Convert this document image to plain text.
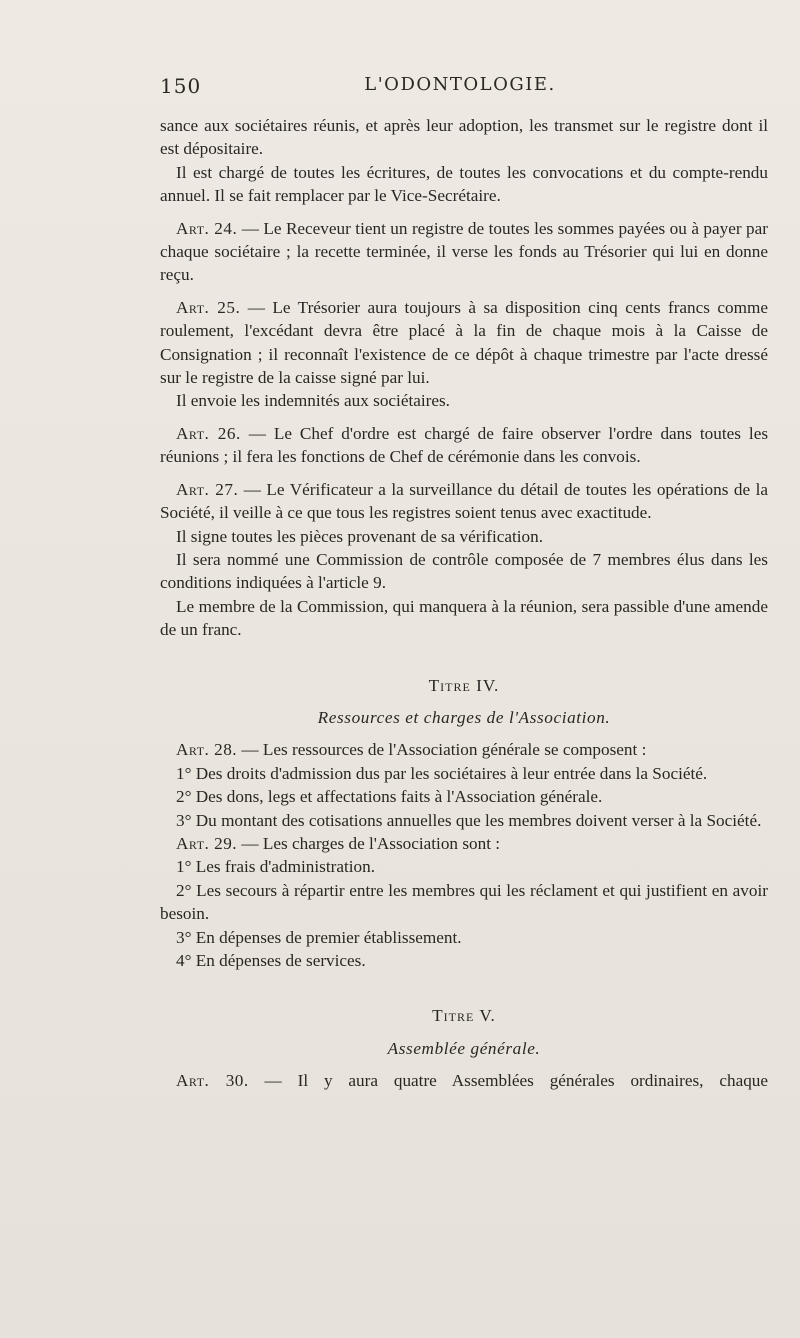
150	L'ODONTOLOGIE.

sance aux sociétaires réunis, et après leur adoption, les transmet sur le registre dont il est dépositaire.

Il est chargé de toutes les écritures, de toutes les convocations et du compte-rendu annuel. Il se fait remplacer par le Vice-Secrétaire.

Art. 24. — Le Receveur tient un registre de toutes les sommes payées ou à payer par chaque sociétaire ; la recette terminée, il verse les fonds au Trésorier qui lui en donne reçu.

Art. 25. — Le Trésorier aura toujours à sa disposition cinq cents francs comme roulement, l'excédant devra être placé à la fin de chaque mois à la Caisse de Consignation ; il reconnaît l'existence de ce dépôt à chaque trimestre par l'acte dressé sur le registre de la caisse signé par lui.

Il envoie les indemnités aux sociétaires.

Art. 26. — Le Chef d'ordre est chargé de faire observer l'ordre dans toutes les réunions ; il fera les fonctions de Chef de cérémonie dans les convois.

Art. 27. — Le Vérificateur a la surveillance du détail de toutes les opérations de la Société, il veille à ce que tous les registres soient tenus avec exactitude.

Il signe toutes les pièces provenant de sa vérification.

Il sera nommé une Commission de contrôle composée de 7 membres élus dans les conditions indiquées à l'article 9.

Le membre de la Commission, qui manquera à la réunion, sera passible d'une amende de un franc.

Titre IV.

Ressources et charges de l'Association.

Art. 28. — Les ressources de l'Association générale se composent :

1° Des droits d'admission dus par les sociétaires à leur entrée dans la Société.

2° Des dons, legs et affectations faits à l'Association générale.

3° Du montant des cotisations annuelles que les membres doivent verser à la Société.

Art. 29. — Les charges de l'Association sont :

1° Les frais d'administration.

2° Les secours à répartir entre les membres qui les réclament et qui justifient en avoir besoin.

3° En dépenses de premier établissement.

4° En dépenses de services.

Titre V.

Assemblée générale.

Art. 30. — Il y aura quatre Assemblées générales ordinaires, chaque
